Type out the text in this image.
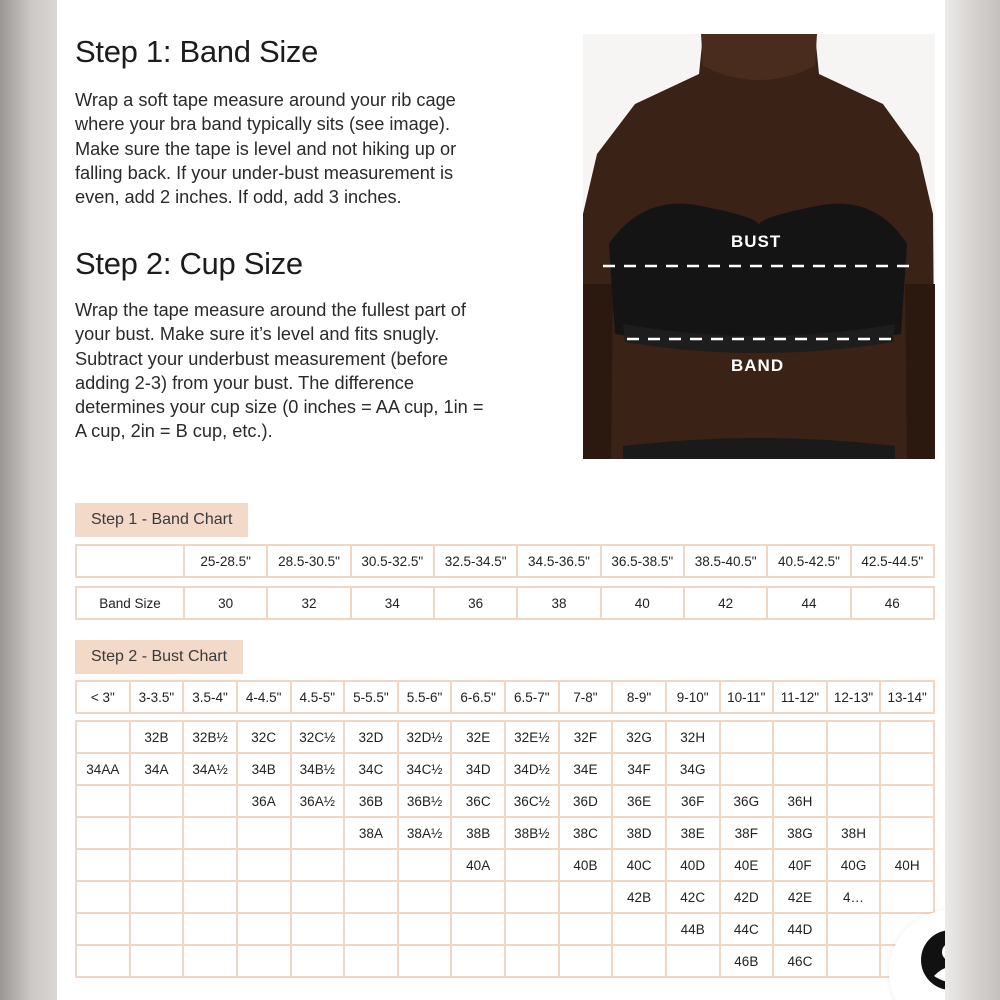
Step 1: Band Size

Wrap a soft tape measure around your rib cage where your bra band typically sits (see image). Make sure the tape is level and not hiking up or falling back. If your under-bust measurement is even, add 2 inches. If odd, add 3 inches.

Step 2: Cup Size

Wrap the tape measure around the fullest part of your bust. Make sure it’s level and fits snugly. Subtract your underbust measurement (before adding 2-3) from your bust. The difference determines your cup size (0 inches = AA cup, 1in = A cup, 2in = B cup, etc.).

BUST
BAND
Step 1 - Band Chart
	25-28.5"	28.5-30.5"	30.5-32.5"	32.5-34.5"	34.5-36.5"	36.5-38.5"	38.5-40.5"	40.5-42.5"	42.5-44.5"
Band Size	30	32	34	36	38	40	42	44	46
Step 2 - Bust Chart
< 3"	3-3.5"	3.5-4"	4-4.5"	4.5-5"	5-5.5"	5.5-6"	6-6.5"	6.5-7"	7-8"	8-9"	9-10"	10-11"	11-12"	12-13"	13-14"
	32B	32B½	32C	32C½	32D	32D½	32E	32E½	32F	32G	32H				
34AA	34A	34A½	34B	34B½	34C	34C½	34D	34D½	34E	34F	34G				
			36A	36A½	36B	36B½	36C	36C½	36D	36E	36F	36G	36H		
					38A	38A½	38B	38B½	38C	38D	38E	38F	38G	38H	
							40A		40B	40C	40D	40E	40F	40G	40H
										42B	42C	42D	42E	4…	
											44B	44C	44D		
												46B	46C		
